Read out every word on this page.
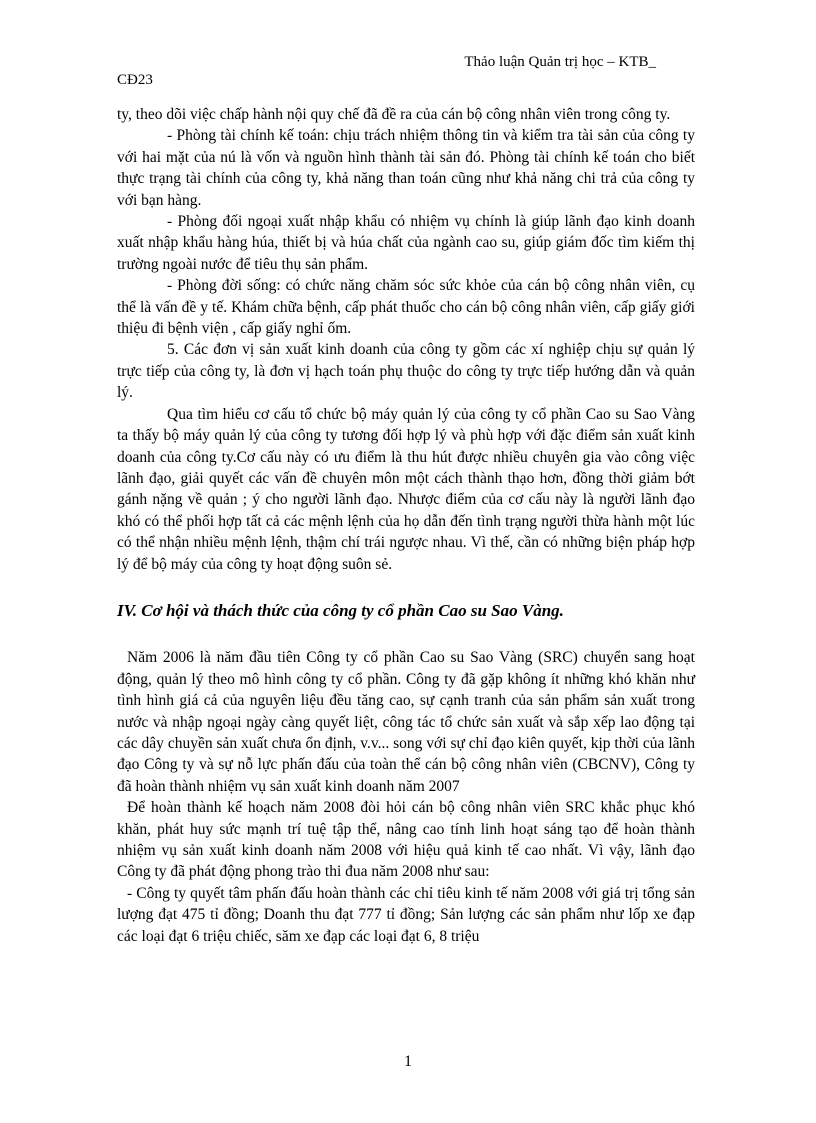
Thảo luận Quản trị học – KTB_
CĐ23

ty, theo dõi việc chấp hành nội quy chế đã đề ra của cán bộ công nhân viên trong công ty.

- Phòng tài chính kế toán: chịu trách nhiệm thông tin và kiểm tra tài sản của công ty với hai mặt của nú là vốn và nguồn hình thành tài sản đó. Phòng tài chính kế toán cho biết thực trạng tài chính của công ty, khả năng than toán cũng như khả năng chi trả của công ty với bạn hàng.

- Phòng đối ngoại xuất nhập khẩu có nhiệm vụ chính là giúp lãnh đạo kinh doanh xuất nhập khẩu hàng húa, thiết bị và húa chất của ngành cao su, giúp giám đốc tìm kiếm thị trường ngoài nước để tiêu thụ sản phẩm.

- Phòng đời sống: có chức năng chăm sóc sức khỏe của cán bộ công nhân viên, cụ thể là vấn đề y tế. Khám chữa bệnh, cấp phát thuốc cho cán bộ công nhân viên, cấp giấy giới thiệu đi bệnh viện , cấp giấy nghỉ ốm.

5. Các đơn vị sản xuất kinh doanh của công ty gồm các xí nghiệp chịu sự quản lý trực tiếp của công ty, là đơn vị hạch toán phụ thuộc do công ty trực tiếp hướng dẫn và quản lý.

Qua tìm hiểu cơ cấu tổ chức bộ máy quản lý của công ty cổ phần Cao su Sao Vàng ta thấy bộ máy quản lý của công ty tương đối hợp lý và phù hợp với đặc điểm sản xuất kinh doanh của công ty.Cơ cấu này có ưu điểm là thu hút được nhiều chuyên gia vào công việc lãnh đạo, giải quyết các vấn đề chuyên môn một cách thành thạo hơn, đồng thời giảm bớt gánh nặng về quản ; ý cho người lãnh đạo. Nhược điểm của cơ cấu này là người lãnh đạo khó có thể phối hợp tất cả các mệnh lệnh của họ dẫn đến tình trạng người thừa hành một lúc có thể nhận nhiều mệnh lệnh, thậm chí trái ngược nhau. Vì thế, cần có những biện pháp hợp lý để bộ máy của công ty hoạt động suôn sẻ.

IV. Cơ hội và thách thức của công ty cổ phần Cao su Sao Vàng.

Năm 2006 là năm đầu tiên Công ty cổ phần Cao su Sao Vàng (SRC) chuyển sang hoạt động, quản lý theo mô hình công ty cổ phần. Công ty đã gặp không ít những khó khăn như tình hình giá cả của nguyên liệu đều tăng cao, sự cạnh tranh của sản phẩm sản xuất trong nước và nhập ngoại ngày càng quyết liệt, công tác tổ chức sản xuất và sắp xếp lao động tại các dây chuyền sản xuất chưa ổn định, v.v... song với sự chỉ đạo kiên quyết, kịp thời của lãnh đạo Công ty và sự nỗ lực phấn đấu của toàn thể cán bộ công nhân viên (CBCNV), Công ty đã hoàn thành nhiệm vụ sản xuất kinh doanh năm 2007

Để hoàn thành kế hoạch năm 2008 đòi hỏi cán bộ công nhân viên SRC khắc phục khó khăn, phát huy sức mạnh trí tuệ tập thể, nâng cao tính linh hoạt sáng tạo để hoàn thành nhiệm vụ sản xuất kinh doanh năm 2008 với hiệu quả kinh tế cao nhất. Vì vậy, lãnh đạo Công ty đã phát động phong trào thi đua năm 2008 như sau:

- Công ty quyết tâm phấn đấu hoàn thành các chỉ tiêu kinh tế năm 2008 với giá trị tổng sản lượng đạt 475 tỉ đồng; Doanh thu đạt 777 tỉ đồng; Sản lượng các sản phẩm như lốp xe đạp các loại đạt 6 triệu chiếc, săm xe đạp các loại đạt 6, 8 triệu

1
